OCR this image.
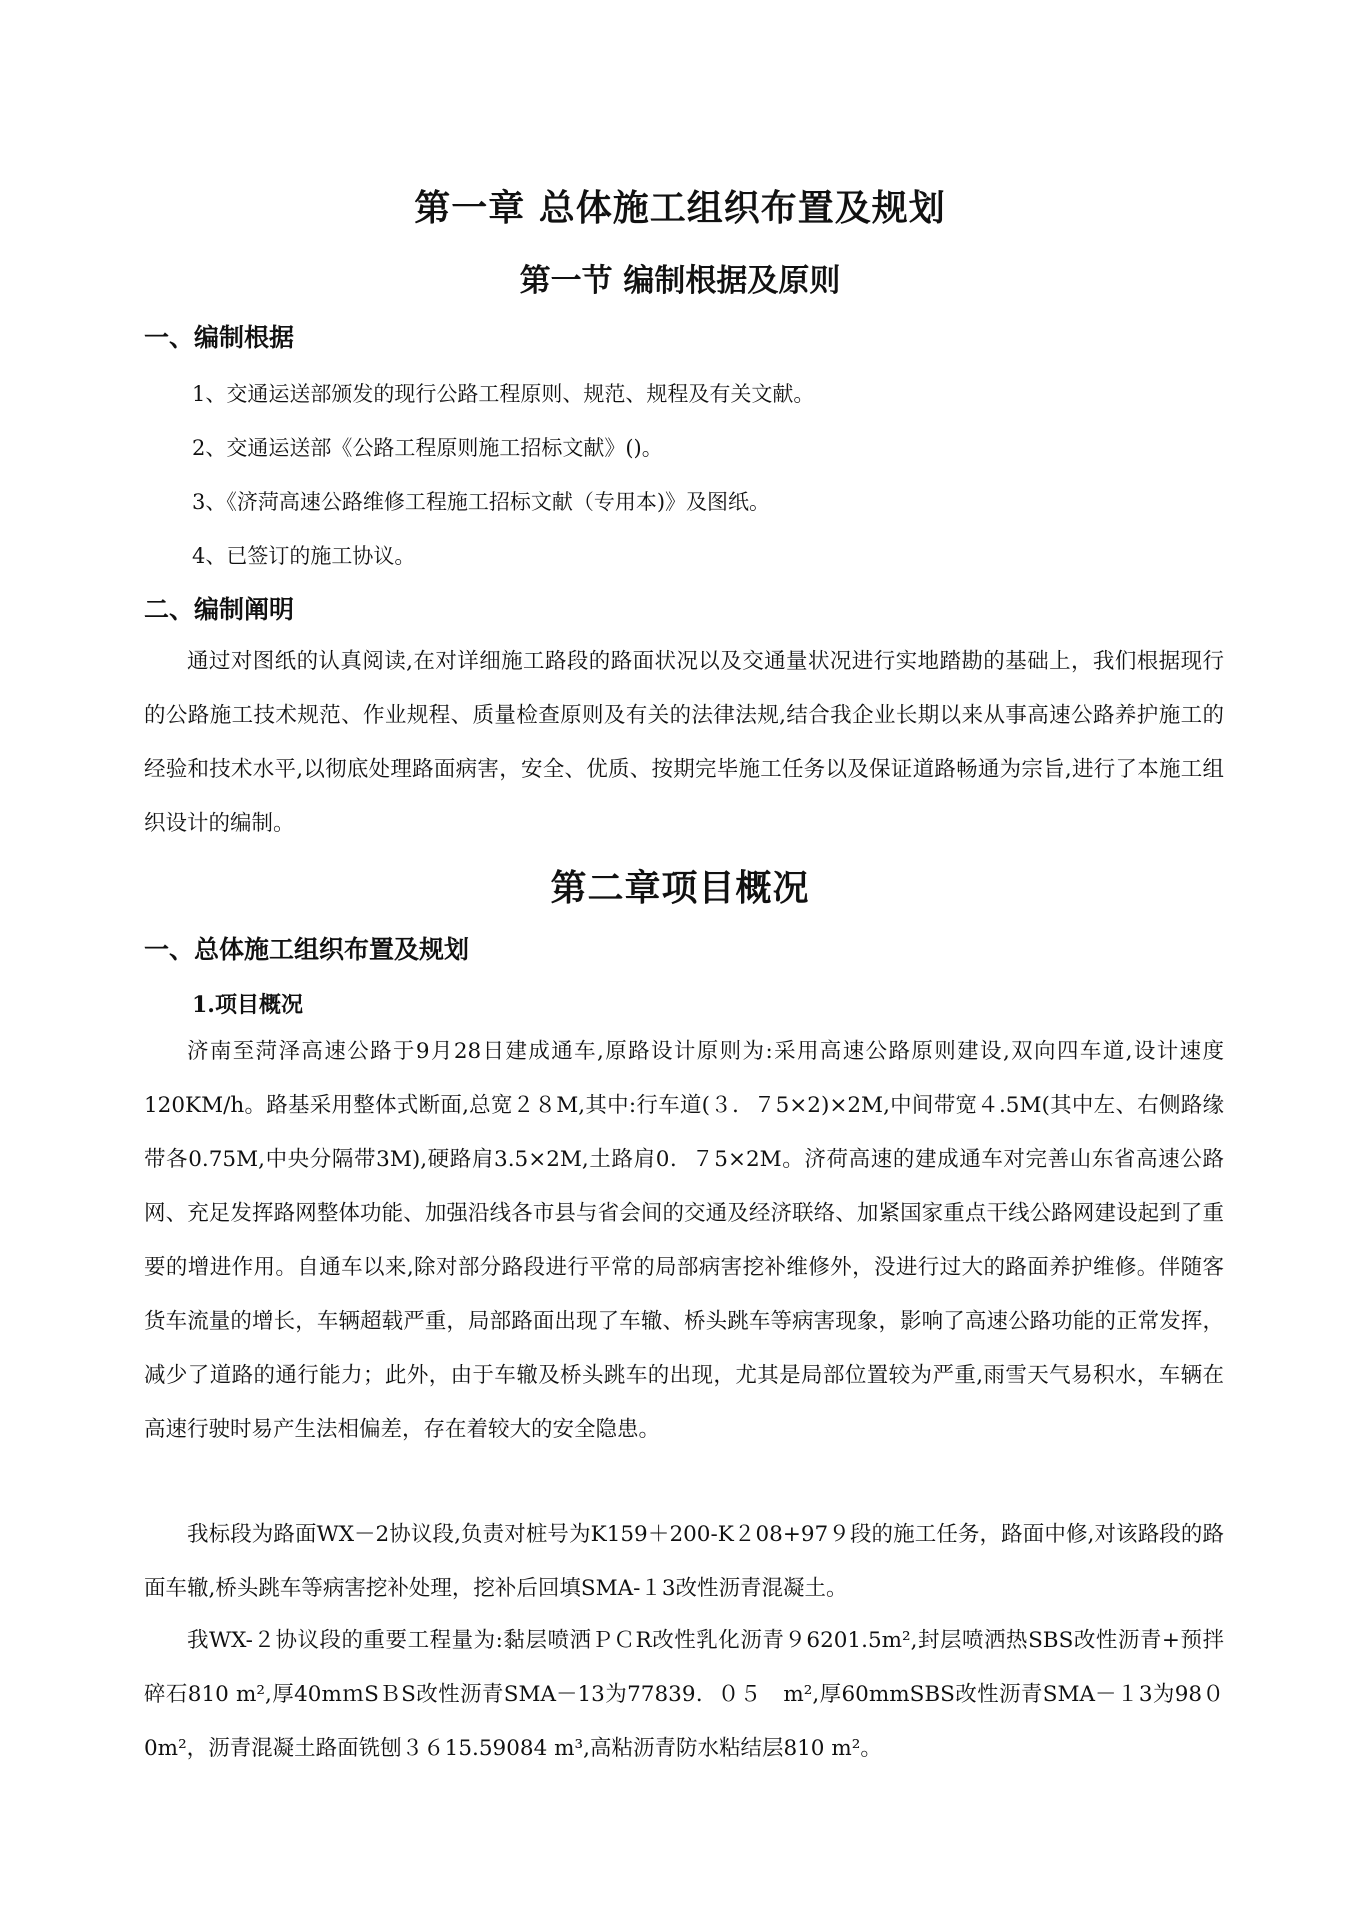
第一章 总体施工组织布置及规划
第一节 编制根据及原则
一、编制根据
1、交通运送部颁发的现行公路工程原则、规范、规程及有关文献。
2、交通运送部《公路工程原则施工招标文献》()。
3、《济菏高速公路维修工程施工招标文献（专用本)》及图纸。
4、已签订的施工协议。
二、编制阐明

通过对图纸的认真阅读,在对详细施工路段的路面状况以及交通量状况进行实地踏勘的基础上，我们根据现行的公路施工技术规范、作业规程、质量检查原则及有关的法律法规,结合我企业长期以来从事高速公路养护施工的经验和技术水平,以彻底处理路面病害，安全、优质、按期完毕施工任务以及保证道路畅通为宗旨,进行了本施工组织设计的编制。

第二章项目概况
一、总体施工组织布置及规划
1.项目概况

济南至菏泽高速公路于9月28日建成通车,原路设计原则为:采用高速公路原则建设,双向四车道,设计速度120KM/h。路基采用整体式断面,总宽２８M,其中:行车道(３．７5×2)×2M,中间带宽４.5M(其中左、右侧路缘带各0.75M,中央分隔带3M),硬路肩3.5×2M,土路肩0．７5×2M。济荷高速的建成通车对完善山东省高速公路网、充足发挥路网整体功能、加强沿线各市县与省会间的交通及经济联络、加紧国家重点干线公路网建设起到了重要的增进作用。自通车以来,除对部分路段进行平常的局部病害挖补维修外，没进行过大的路面养护维修。伴随客货车流量的增长，车辆超载严重，局部路面出现了车辙、桥头跳车等病害现象，影响了高速公路功能的正常发挥，减少了道路的通行能力；此外，由于车辙及桥头跳车的出现，尤其是局部位置较为严重,雨雪天气易积水，车辆在高速行驶时易产生法相偏差，存在着较大的安全隐患。

我标段为路面WX－2协议段,负责对桩号为K159＋200-K２08+97９段的施工任务，路面中修,对该路段的路面车辙,桥头跳车等病害挖补处理，挖补后回填SMA-１3改性沥青混凝土。

我WX-２协议段的重要工程量为:黏层喷洒ＰＣR改性乳化沥青９6201.5m²,封层喷洒热SBS改性沥青+预拌碎石810 m²,厚40mｍSＢS改性沥青SMA－13为77839．０５　m²,厚60mmSBS改性沥青SMA－１3为98０0m²，沥青混凝土路面铣刨３６15.59084 m³,高粘沥青防水粘结层810 m²。
